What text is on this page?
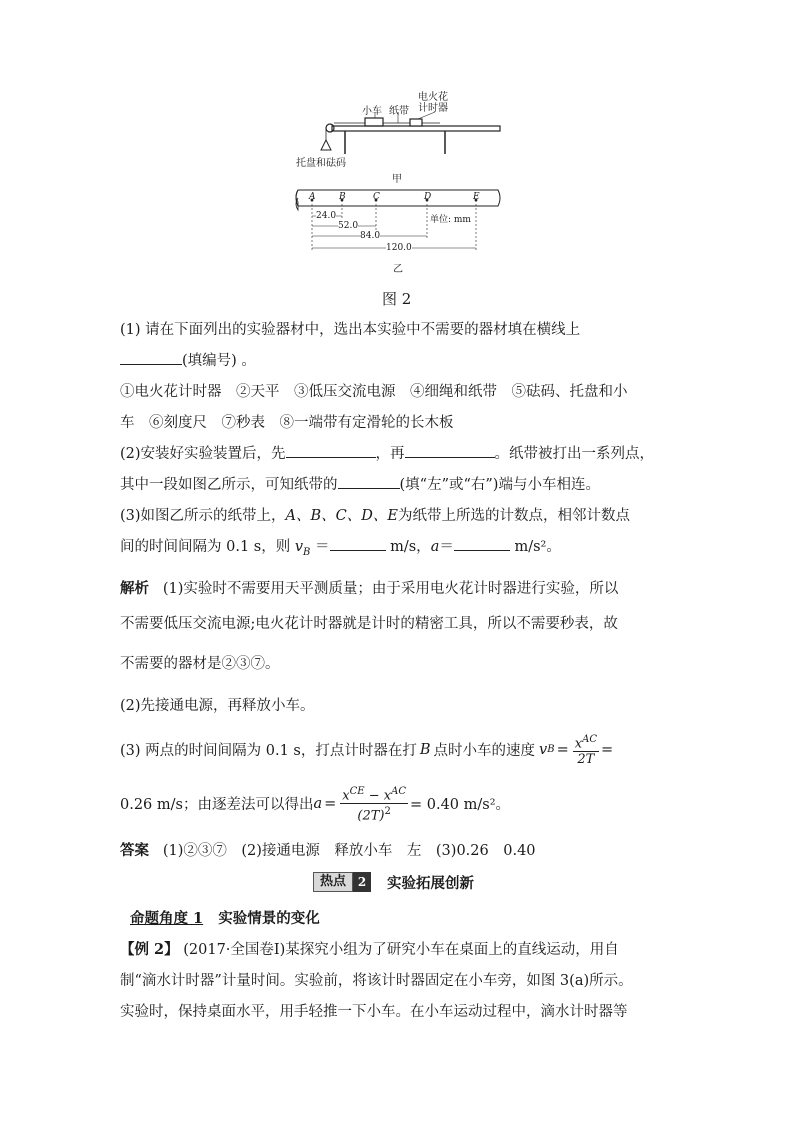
小车 纸带
电火花计时器
托盘和砝码
甲
A	B	C	D	E
24.0
52.0
84.0
120.0
单位: mm
乙
图 2
(1) 请在下面列出的实验器材中，选出本实验中不需要的器材填在横线上
(填编号) 。
①电火花计时器　②天平　③低压交流电源　④细绳和纸带　⑤砝码、托盘和小
车　⑥刻度尺　⑦秒表　⑧一端带有定滑轮的长木板
(2)安装好实验装置后，先	，再	。纸带被打出一系列点，
其中一段如图乙所示，可知纸带的	(填“左”或“右”)端与小车相连。
(3)如图乙所示的纸带上，A、B、C、D、E为纸带上所选的计数点，相邻计数点
间的时间间隔为 0.1 s，则 $v_B$ ＝	m/s，a＝	m/s²。
解析 (1)实验时不需要用天平测质量；由于采用电火花计时器进行实验，所以
不需要低压交流电源;电火花计时器就是计时的精密工具，所以不需要秒表，故
不需要的器材是②③⑦。
(2)先接通电源，再释放小车。
(3) 两点的时间间隔为 0.1 s，打点计时器在打 B 点时小车的速度 v $B = \frac{x^{AC}}{2T}$ =
0.26 m/s；由逐差法可以得出 $a = \frac{x^{CE} - x^{AC}}{(2T)^2} = 0.40$ m/s²。
答案 (1)②③⑦　(2)接通电源　释放小车　左　(3)0.26　0.40
热点 2	实验拓展创新
命题角度 1 实验情景的变化
【例 2】 (2017·全国卷Ⅰ)某探究小组为了研究小车在桌面上的直线运动，用自
制“滴水计时器”计量时间。实验前，将该计时器固定在小车旁，如图 3(a)所示。
实验时，保持桌面水平，用手轻推一下小车。在小车运动过程中，滴水计时器等
